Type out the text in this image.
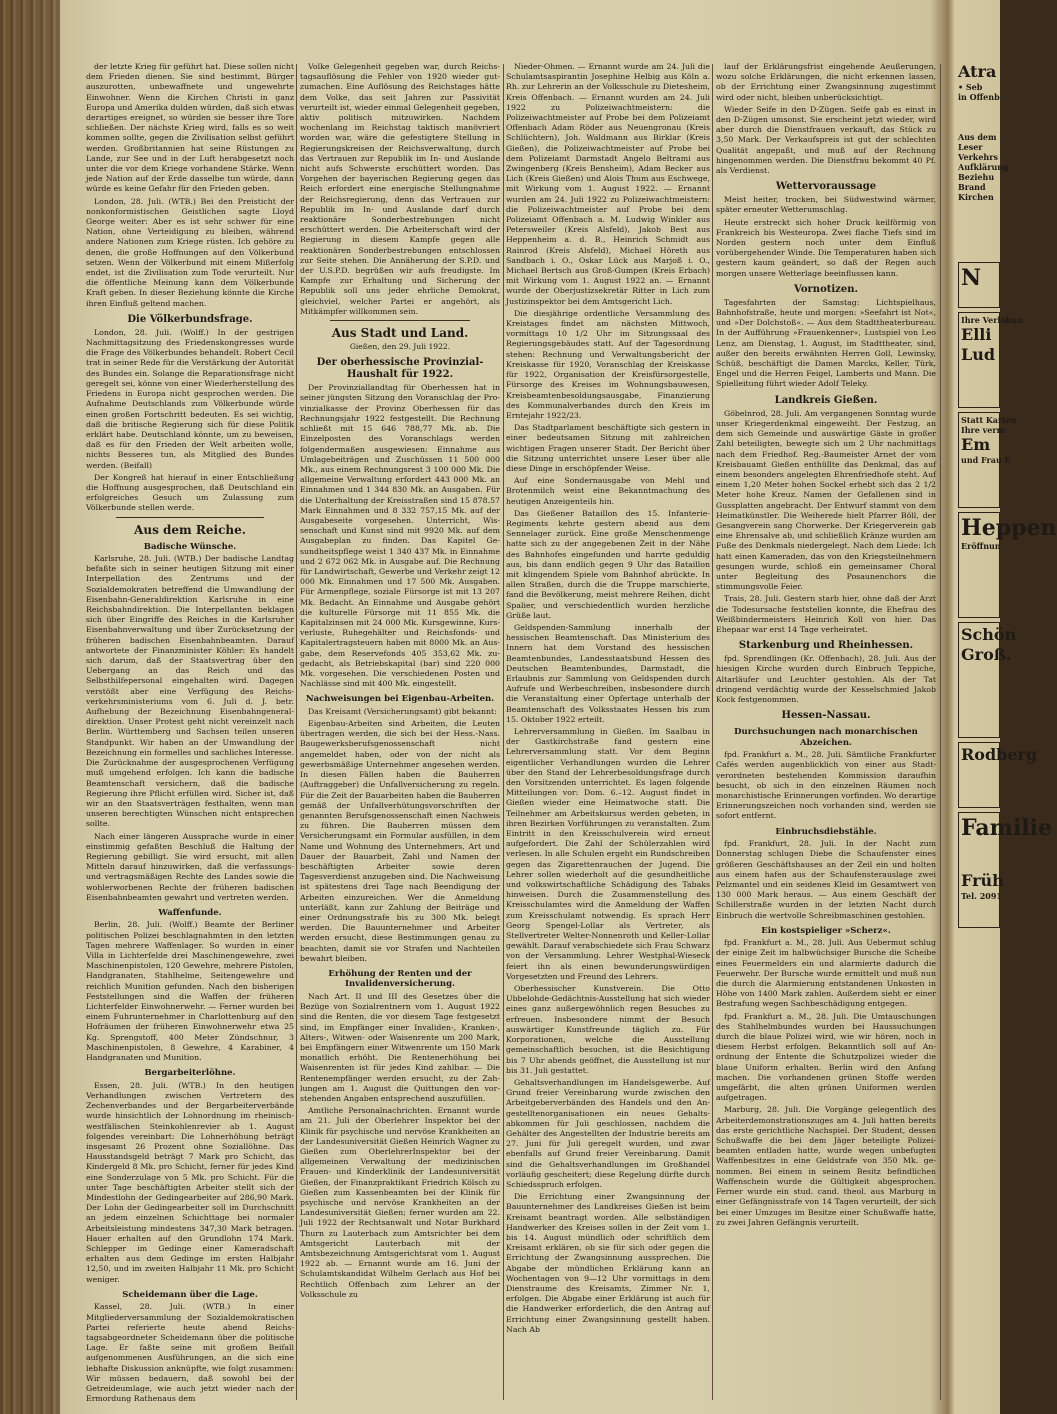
der letzte Krieg für geführt hat. Diese sollen nicht dem Frieden dienen. Sie sind bestimmt, Bürger auszurotten, unbewaffnete und ungewehrte Einwohner. Wenn die Kirchen Christi in ganz Europa und Amerika dulden würden, daß sich etwas derartiges ereignet, so würden sie besser ihre Tore schließen. Der nächste Krieg wird, falls es so weit kommen sollte, gegen die Zivilisation selbst geführt werden. Großbritannien hat seine Rüstungen zu Lande, zur See und in der Luft herabgesetzt noch unter die vor dem Kriege vorhandene Stärke. Wenn jede Nation auf der Erde dasselbe tun würde, dann würde es keine Gefahr für den Frieden geben.

London, 28. Juli. (WTB.) Bei den Preisticht der nonkonformistischen Geistlichen sagte Lloyd George weiter: Aber es ist sehr schwer für eine Nation, ohne Verteidigung zu bleiben, während andere Nationen zum Kriege rüsten. Ich gehöre zu denen, die große Hoffnungen auf den Völkerbund setzen. Wenn der Völkerbund mit einem Mißerfolg endet, ist die Zivilisation zum Tode verurteilt. Nur die öffentliche Meinung kann dem Völkerbunde Kraft geben. In dieser Beziehung könnte die Kirche ihren Einfluß geltend machen.

Die Völkerbundsfrage.

London, 28. Juli. (Wolff.) In der gestrigen Nachmittagsitzung des Friedenskongresses wurde die Frage des Völkerbundes behandelt. Robert Cecil trat in seiner Rede für die Verstärkung der Autorität des Bundes ein. Solange die Reparationsfrage nicht geregelt sei, könne von einer Wiederherstellung des Friedens in Europa nicht gesprochen werden. Die Aufnahme Deutschlands zum Völkerbunde würde einen großen Fortschritt bedeuten. Es sei wichtig, daß die britische Regierung sich für diese Politik erklärt habe. Deutschland könnte, um zu beweisen, daß es für den Frieden der Welt arbeiten wolle, nichts Besseres tun, als Mitglied des Bundes werden. (Beifall)

Der Kongreß hat hierauf in einer Entschließung die Hoffnung ausgesprochen, daß Deutschland ein erfolgreiches Gesuch um Zulassung zum Völkerbunde stellen werde.

Aus dem Reiche.
Badische Wünsche.

Karlsruhe, 28. Juli. (WTB.) Der badische Landtag befaßte sich in seiner heutigen Sitzung mit einer Interpellation des Zentrums und der Sozialdemokraten betreffend die Umwandlung der Eisenbahn-Generaldirektion Karlsruhe in eine Reichsbahndirektion. Die Interpellanten beklagen sich über Eingriffe des Reiches in die Karlsruher Eisenbahnverwaltung und über Zurücksetzung der früheren badischen Eisenbahnbeamten. Darauf antwortete der Finanzminister Köhler: Es handelt sich darum, daß der Staatsvertrag über den Uebergang an das Reich und das Selbsthilfepersonal eingehalten wird. Dagegen verstößt aber eine Verfügung des Reichsverkehrsministeriums vom 6. Juli d. J. betr. Aufhebung der Bezeichnung Eisenbahngeneraldirektion. Unser Protest geht nicht vereinzelt nach Berlin. Württemberg und Sachsen teilen unseren Standpunkt. Wir haben an der Umwandlung der Bezeichnung ein formelles und sachliches Interesse. Die Zurücknahme der ausgesprochenen Verfügung muß umgehend erfolgen. Ich kann die badische Beamtenschaft versichern, daß die badische Regierung ihre Pflicht erfüllen wird. Sicher ist, daß wir an den Staatsverträgen festhalten, wenn man unseren berechtigten Wünschen nicht entsprechen sollte.

Nach einer längeren Aussprache wurde in einer einstimmig gefaßten Beschluß die Haltung der Regierung gebilligt. Sie wird ersucht, mit allen Mitteln darauf hinzuwirken, daß die verfassungs- und vertragsmäßigen Rechte des Landes sowie die wohlerworbenen Rechte der früheren badischen Eisenbahnbeamten gewahrt und vertreten werden.

Waffenfunde.

Berlin, 28. Juli. (Wolff.) Beamte der Berliner politischen Polizei beschlagnahmten in den letzten Tagen mehrere Waffenlager. So wurden in einer Villa in Lichterfelde drei Maschinengewehre, zwei Maschinenpistolen, 120 Gewehre, mehrere Pistolen, Handgranaten, Stahlhelme, Seitengewehre und reichlich Munition gefunden. Nach den bisherigen Feststellungen sind die Waffen der früheren Lichterfelder Einwohnerwehr. — Ferner wurden bei einem Fuhrunternehmer in Charlottenburg auf den Hofräumen der früheren Einwohnerwehr etwa 25 Kg. Sprengstoff, 400 Meter Zündschnur, 3 Maschinenpistolen, 8 Gewehre, 4 Karabiner, 4 Handgranaten und Munition.

Bergarbeiterlöhne.

Essen, 28. Juli. (WTB.) In den heutigen Verhandlungen zwischen Vertretern des Zechenverbandes und der Bergarbeiterverbände wurde hinsichtlich der Lohnordnung im rheinisch-westfälischen Steinkohlenrevier ab 1. August folgendes vereinbart: Die Lohnerhöhung beträgt insgesamt 26 Prozent ohne Soziallöhne. Das Hausstandsgeld beträgt 7 Mark pro Schicht, das Kindergeld 8 Mk. pro Schicht, ferner für jedes Kind eine Sonderzulage von 5 Mk. pro Schicht. Für die unter Tage beschäftigten Arbeiter stellt sich der Mindestlohn der Gedingearbeiter auf 286,90 Mark. Der Lohn der Gedingearbeiter soll im Durchschnitt an jedem einzelnen Schichttage bei normaler Arbeitsleistung mindestens 347,30 Mark betragen. Hauer erhalten auf den Grundlohn 174 Mark. Schlepper im Gedinge einer Kameradschaft erhalten aus dem Gedinge im ersten Halbjahr 12,50, und im zweiten Halbjahr 11 Mk. pro Schicht weniger.

Scheidemann über die Lage.

Kassel, 28. Juli. (WTB.) In einer Mitgliederversammlung der Sozialdemokratischen Partei referierte heute abend Reichstagsabgeordneter Scheidemann über die politische Lage. Er faßte seine mit großem Beifall aufgenommenen Ausführungen, an die sich eine lebhafte Diskussion anknüpfte, wie folgt zusammen: Wir müssen bedauern, daß sowohl bei der Getreideumlage, wie auch jetzt wieder nach der Ermordung Rathenaus dem

Volke Gelegenheit gegeben war, durch Reichstagsauflösung die Fehler von 1920 wieder gutzumachen. Eine Auflösung des Reichstages hätte dem Volke, das seit Jahren zur Passivität verurteilt ist, wieder einmal Gelegenheit gegeben, aktiv politisch mitzuwirken. Nachdem wochenlang im Reichstag taktisch manövriert worden war, wäre die gefestigtere Stellung in Regierungskreisen der Reichsverwaltung, durch das Vertrauen zur Republik im In- und Auslande nicht aufs Schwerste erschüttert worden. Das Vorgehen der bayerischen Regierung gegen das Reich erfordert eine energische Stellungnahme der Reichsregierung, denn das Vertrauen zur Republik im In- und Auslande darf durch reaktionäre Sonderbestrebungen nicht erschüttert werden. Die Arbeiterschaft wird der Regierung in diesem Kampfe gegen alle reaktionären Sonderbestrebungen entschlossen zur Seite stehen. Die Annäherung der S.P.D. und der U.S.P.D. begrüßen wir aufs freudigste. Im Kampfe zur Erhaltung und Sicherung der Republik soll uns jeder ehrliche Demokrat, gleichviel, welcher Partei er angehört, als Mitkämpfer willkommen sein.

Aus Stadt und Land.

Gießen, den 29. Juli 1922.

Der oberhessische Provinzial-Haushalt für 1922.

Der Provinziallandtag für Oberhessen hat in seiner jüngsten Sitzung den Voranschlag der Provinzialkasse der Provinz Oberhessen für das Rechnungsjahr 1922 festgestellt. Die Rechnung schließt mit 15 646 788,77 Mk. ab. Die Einzelposten des Voranschlags werden folgendermaßen ausgewiesen: Einnahme aus Umlagebeiträgen und Zuschüssen 11 500 000 Mk., aus einem Rechnungsrest 3 100 000 Mk. Die allgemeine Verwaltung erfordert 443 000 Mk. an Einnahmen und 1 344 830 Mk. an Ausgaben. Für die Unterhaltung der Kreisstraßen sind 15 878.57 Mark Einnahmen und 8 332 757,15 Mk. auf der Ausgabeseite vorgesehen. Unterricht, Wissenschaft und Kunst sind mit 9920 Mk. auf dem Ausgabeplan zu finden. Das Kapitel Gesundheitspflege weist 1 340 437 Mk. in Einnahme und 2 672 062 Mk. in Ausgabe auf. Die Rechnung für Landwirtschaft, Gewerbe und Verkehr zeigt 12 000 Mk. Einnahmen und 17 500 Mk. Ausgaben. Für Armenpflege, soziale Fürsorge ist mit 13 207 Mk. Bedacht. An Einnahme und Ausgabe gehört die kulturelle Fürsorge mit 11 855 Mk. die Kapitalzinsen mit 24 000 Mk. Kursgewinne, Kursverluste, Ruhegehälter und Reichsfonds- und Kapitalertragsteuern haben mit 8000 Mk. an Ausgabe, dem Reservefonds 405 353,62 Mk. zugedacht, als Betriebskapital (bar) sind 220 000 Mk. vorgesehen. Die verschiedenen Posten und Nachlässe sind mit 400 Mk. eingestellt.

Nachweisungen bei Eigenbau-Arbeiten.

Das Kreisamt (Versicherungsamt) gibt bekannt:

Eigenbau-Arbeiten sind Arbeiten, die Leuten übertragen werden, die sich bei der Hess.-Nass. Baugewerksberufsgenossenschaft nicht angemeldet haben, oder von der nicht als gewerbsmäßige Unternehmer angesehen werden. In diesen Fällen haben die Bauherren (Auftraggeber) die Unfallversicherung zu regeln. Für die Zeit der Bauarbeiten haben die Bauherren gemäß der Unfallverhütungsvorschriften der genannten Berufsgenossenschaft einen Nachweis zu führen. Die Bauherren müssen dem Versicherungsamt ein Formular ausfüllen, in dem Name und Wohnung des Unternehmers, Art und Dauer der Bauarbeit, Zahl und Namen der beschäftigten Arbeiter sowie deren Tagesverdienst anzugeben sind. Die Nachweisung ist spätestens drei Tage nach Beendigung der Arbeiten einzureichen. Wer die Anmeldung unterläßt, kann zur Zahlung der Beiträge und einer Ordnungsstrafe bis zu 300 Mk. belegt werden. Die Bauunternehmer und Arbeiter werden ersucht, diese Bestimmungen genau zu beachten, damit sie vor Strafen und Nachteilen bewahrt bleiben.

Erhöhung der Renten und der Invalidenversicherung.

Nach Art. II und III des Gesetzes über die Bezüge von Sozialrentnern vom 1. August 1922 sind die Renten, die vor diesem Tage festgesetzt sind, im Empfänger einer Invaliden-, Kranken-, Alters-, Witwen- oder Waisenrente um 200 Mark, bei Empfängern einer Witwenrente um 150 Mark monatlich erhöht. Die Rentenerhöhung bei Waisenrenten ist für jedes Kind zahlbar. — Die Rentenempfänger werden ersucht, zu der Zahlungen am 1. August die Quittungen den vorstehenden Angaben entsprechend auszufüllen.

Amtliche Personalnachrichten. Ernannt wurde am 21. Juli der Oberlehrer Inspektor bei der Klinik für psychische und nervöse Krankheiten an der Landesuniversität Gießen Heinrich Wagner zu Gießen zum OberlehrerInspektor bei der allgemeinen Verwaltung der medizinischen Frauen- und Kinderklinik der Landesuniversität Gießen, der Finanzpraktikant Friedrich Kölsch zu Gießen zum Kassenbeamten bei der Klinik für psychische und nervöse Krankheiten an der Landesuniversität Gießen; ferner wurden am 22. Juli 1922 der Rechtsanwalt und Notar Burkhard Thurn zu Lauterbach zum Amtsrichter bei dem Amtsgericht Lauterbach mit der Amtsbezeichnung Amtsgerichtsrat vom 1. August 1922 ab. — Ernannt wurde am 16. Juni der Schulamtskandidat Wilhelm Gerlach aus Hof bei Rechtlich Offenbach zum Lehrer an der Volksschule zu

Nieder-Ohmen. — Ernannt wurde am 24. Juli die Schulamtsaspirantin Josephine Helbig aus Köln a. Rh. zur Lehrerin an der Volksschule zu Dietesheim, Kreis Offenbach. — Ernannt wurden am 24. Juli 1922 zu Polizeiwachtmeistern: die Polizeiwachtmeister auf Probe bei dem Polizeiamt Offenbach Adam Röder aus Neuengronau (Kreis Schlüchtern), Joh. Waldmann aus Birklar (Kreis Gießen), die Polizeiwachtmeister auf Probe bei dem Polizeiamt Darmstadt Angelo Beltrami aus Zwingenberg (Kreis Bensheim), Adam Becker aus Lich (Kreis Gießen) und Alois Thum aus Eschwege, mit Wirkung vom 1. August 1922. — Ernannt wurden am 24. Juli 1922 zu Polizeiwachtmeistern: die Polizeiwachtmeister auf Probe bei dem Polizeiamt Offenbach a. M. Ludwig Winkler aus Petersweiler (Kreis Alsfeld), Jakob Best aus Heppenheim a. d. B., Heinrich Schmidt aus Rainrod (Kreis Alsfeld), Michael Höreth aus Sandbach i. O., Oskar Lück aus Marjoß i. O., Michael Bertsch aus Groß-Gumpen (Kreis Erbach) mit Wirkung vom 1. August 1922 an. — Ernannt wurde der Oberjustizsekretär Ritter in Lich zum Justizinspektor bei dem Amtsgericht Lich.

Die diesjährige ordentliche Versammlung des Kreistages findet am nächsten Mittwoch, vormittags 10 1/2 Uhr im Sitzungssaal des Regierungsgebäudes statt. Auf der Tagesordnung stehen: Rechnung und Verwaltungsbericht der Kreiskasse für 1920, Voranschlag der Kreiskasse für 1922, Organisation der Kreisfürsorgestelle, Fürsorge des Kreises im Wohnungsbauwesen, Kreisbeamtenbesoldungsausgabe, Finanzierung des Kommunalverbandes durch den Kreis im Erntejahr 1922/23.

Das Stadtparlament beschäftigte sich gestern in einer bedeutsamen Sitzung mit zahlreichen wichtigen Fragen unserer Stadt. Der Bericht über die Sitzung unterrichtet unsere Leser über alle diese Dinge in erschöpfender Weise.

Auf eine Sondernausgabe von Mehl und Brotenmilch weist eine Bekanntmachung des heutigen Anzeigenteils hin.

Das Gießener Bataillon des 15. Infanterie-Regiments kehrte gestern abend aus dem Sennelager zurück. Eine große Menschenmenge hatte sich zu der angegebenen Zeit in der Nähe des Bahnhofes eingefunden und harrte geduldig aus, bis dann endlich gegen 9 Uhr das Bataillon mit klingendem Spiele vom Bahnhof abrückte. In allen Straßen, durch die die Truppe marschierte, fand die Bevölkerung, meist mehrere Reihen, dicht Spalier, und verschiedentlich wurden herzliche Grüße laut.

Geldspenden-Sammlung innerhalb der hessischen Beamtenschaft. Das Ministerium des Innern hat dem Vorstand des hessischen Beamtenbundes, Landesstaatsbund Hessen des Deutschen Beamtenbundes, Darmstadt, die Erlaubnis zur Sammlung von Geldspenden durch Aufrufe und Werbeschreiben, insbesondere durch die Veranstaltung einer Opfertage unterhalb der Beamtenschaft des Volksstaates Hessen bis zum 15. Oktober 1922 erteilt.

Lehrerversammlung in Gießen. Im Saalbau in der Gastkirchstraße fand gestern eine Lehrerversammlung statt. Vor dem Beginn eigentlicher Verhandlungen wurden die Lehrer über den Stand der Lehrerbesoldungsfrage durch den Vorsitzenden unterrichtet. Es lagen folgende Mitteilungen vor: Dom. 6.–12. August findet in Gießen wieder eine Heimatwoche statt. Die Teilnehmer am Arbeitskursus werden gebeten, in ihren Bezirken Vorführungen zu veranstalten. Zum Eintritt in den Kreisschulverein wird erneut aufgefordert. Die Zahl der Schülerzahlen wird verlesen. In alle Schulen ergeht ein Rundschreiben gegen das Zigarettenrauchen der Jugend. Die Lehrer sollen wiederholt auf die gesundheitliche und volkswirtschaftliche Schädigung des Tabaks hinweisen. Durch die Zusammenstellung des Kreisschulamtes wird die Anmeldung der Waffen zum Kreisschulamt notwendig. Es sprach Herr Georg Spengel-Lollar als Vertreter, als Stellvertreter Welter-Nonnenroth und Keller-Lollar gewählt. Darauf verabschiedete sich Frau Schwarz von der Versammlung. Lehrer Westphal-Wieseck feiert ihn als einen bewunderungswürdigen Vorgesetzten und Freund des Lehrers.

Oberhessischer Kunstverein. Die Otto Ubbelohde-Gedächtnis-Ausstellung hat sich wieder eines ganz außergewöhnlich regen Besuches zu erfreuen. Insbesondere nimmt der Besuch auswärtiger Kunstfreunde täglich zu. Für Korporationen, welche die Ausstellung gemeinschaftlich besuchen, ist die Besichtigung bis 7 Uhr abends geöffnet, die Ausstellung ist nur bis 31. Juli gestattet.

Gehaltsverhandlungen im Handelsgewerbe. Auf Grund freier Vereinbarung wurde zwischen den Arbeitgeberverbänden des Handels und den Angestelltenorganisationen ein neues Gehaltsabkommen für Juli geschlossen, nachdem die Gehälter des Angestellten der Industrie bereits am 27. Juni für Juli geregelt wurden, und zwar ebenfalls auf Grund freier Vereinbarung. Damit sind die Gehaltsverhandlungen im Großhandel vorläufig gescheitert; diese Regelung dürfte durch Schiedsspruch erfolgen.

Die Errichtung einer Zwangsinnung der Bauunternehmer des Landkreises Gießen ist beim Kreisamt beantragt worden. Alle selbständigen Handwerker des Kreises sollen in der Zeit vom 1. bis 14. August mündlich oder schriftlich dem Kreisamt erklären, ob sie für sich oder gegen die Errichtung der Zwangsinnung aussprechen. Die Abgabe der mündlichen Erklärung kann an Wochentagen von 9—12 Uhr vormittags in dem Dienstraume des Kreisamts, Zimmer Nr. 1, erfolgen. Die Abgabe einer Erklärung ist auch für die Handwerker erforderlich, die den Antrag auf Errichtung einer Zwangsinnung gestellt haben. Nach Ab

lauf der Erklärungsfrist eingehende Aeußerungen, wozu solche Erklärungen, die nicht erkennen lassen, ob der Errichtung einer Zwangsinnung zugestimmt wird oder nicht, bleiben unberücksichtigt.

Wieder Seife in den D-Zügen. Seife gab es einst in den D-Zügen umsonst. Sie erscheint jetzt wieder, wird aber durch die Dienstfrauen verkauft, das Stück zu 3,50 Mark. Der Verkaufspreis ist gut der schlechten Qualität angepaßt, und muß auf der Rechnung hingenommen werden. Die Dienstfrau bekommt 40 Pf. als Verdienst.

Wettervoraussage

Meist heiter, trocken, bei Südwestwind wärmer, später erneuter Wetterumschlag.

Heute erstreckt sich hoher Druck keilförmig von Frankreich bis Westeuropa. Zwei flache Tiefs sind im Norden gestern noch unter dem Einfluß vorübergehender Winde. Die Temperaturen haben sich gestern kaum geändert, so daß der Regen auch morgen unsere Wetterlage beeinflussen kann.

Vornotizen.

Tagesfahrten der Samstag: Lichtspielhaus, Bahnhofstraße, heute und morgen: »Seefahrt ist Not«, und »Der Dolchstoß«. — Aus dem Stadttheaterbureau. In der Aufführung »Frauenkenner«, Lustspiel von Leo Lenz, am Dienstag, 1. August, im Stadttheater, sind, außer den bereits erwähnten Herren Goll, Lewinsky, Schüß, beschäftigt die Damen Marcks, Keller, Türk, Engel und die Herren Feigel, Lamberts und Mann. Die Spielleitung führt wieder Adolf Teleky.

Landkreis Gießen.

Göbelnrod, 28. Juli. Am vergangenen Sonntag wurde unser Kriegerdenkmal eingeweiht. Der Festzug, an dem sich Gemeinde und auswärtige Gäste in großer Zahl beteiligten, bewegte sich um 2 Uhr nachmittags nach dem Friedhof. Reg.-Baumeister Arnet der vom Kreisbauamt Gießen enthüllte das Denkmal, das auf einem besonders angelegten Ehrenfriedhofe steht. Auf einem 1,20 Meter hohen Sockel erhebt sich das 2 1/2 Meter hohe Kreuz. Namen der Gefallenen sind in Gussplatten angebracht. Der Entwurf stammt von dem Heimatkünstler. Die Weiherede hielt Pfarrer Böll, der Gesangverein sang Chorwerke. Der Kriegerverein gab eine Ehrensalve ab, und schließlich Kränze wurden am Fuße des Denkmals niedergelegt. Nach dem Liede: Ich hatt einen Kameraden, das von den Kriegsteilnehmern gesungen wurde, schloß ein gemeinsamer Choral unter Begleitung des Posaunenchors die stimmungsvolle Feier.

Trais, 28. Juli. Gestern starb hier, ohne daß der Arzt die Todesursache feststellen konnte, die Ehefrau des Weißbindermeisters Heinrich Koll von hier. Das Ehepaar war erst 14 Tage verheiratet.

Starkenburg und Rheinhessen.

fpd. Sprendlingen (Kr. Offenbach), 28. Juli. Aus der hiesigen Kirche wurden durch Einbruch Teppiche, Altarläufer und Leuchter gestohlen. Als der Tat dringend verdächtig wurde der Kesselschmied Jakob Kock festgenommen.

Hessen-Nassau.
Durchsuchungen nach monarchischen Abzeichen.

fpd. Frankfurt a. M., 28. Juli. Sämtliche Frankfurter Cafés werden augenblicklich von einer aus Stadtverordneten bestehenden Kommission daraufhin besucht, ob sich in den einzelnen Räumen noch monarchistische Erinnerungen vorfinden. Wo derartige Erinnerungszeichen noch vorhanden sind, werden sie sofort entfernt.

Einbruchsdiebstähle.

fpd. Frankfurt, 28. Juli. In der Nacht zum Donnerstag schlugen Diebe die Schaufenster eines größeren Geschäftshauses an der Zeil ein und holten aus einem hafen aus der Schaufensterauslage zwei Pelzmantel und ein seidenes Kleid im Gesamtwert von 130 000 Mark heraus. — Aus einem Geschäft der Schillerstraße wurden in der letzten Nacht durch Einbruch die wertvolle Schreibmaschinen gestohlen.

Ein kostspieliger »Scherz«.

fpd. Frankfurt a. M., 28. Juli. Aus Uebermut schlug der einige Zeit im halbwüchsiger Bursche die Scheibe eines Feuermelders ein und alarmierte dadurch die Feuerwehr. Der Bursche wurde ermittelt und muß nun die durch die Alarmierung entstandenen Unkosten in Höhe von 1400 Mark zahlen. Außerdem sieht er einer Bestrafung wegen Sachbeschädigung entgegen.

fpd. Frankfurt a. M., 28. Juli. Die Umtauschungen des Stahlhelmbundes wurden bei Haussuchungen durch die blaue Polizei wird, wie wir hören, noch in diesem Herbst erfolgen. Bekanntlich soll auf Anordnung der Entente die Schutzpolizei wieder die blaue Uniform erhalten. Berlin wird den Anfang machen. Die vorhandenen grünen Stoffe werden umgefärbt, die alten grünen Uniformen werden aufgetragen.

Marburg, 28. Juli. Die Vorgänge gelegentlich des Arbeiterdemonstrationszuges am 4. Juli hatten bereits das erste gerichtliche Nachspiel. Der Student, dessen Schußwaffe die bei dem Jäger beteiligte Polizeibeamten entladen hatte, wurde wegen unbefugten Waffenbesitzes in eine Geldstrafe von 350 Mk. genommen. Bei einem in seinem Besitz befindlichen Waffenschein wurde die Gültigkeit abgesprochen. Ferner wurde ein stud. cand. theol. aus Marburg in einer Gefängnisstrafe von 14 Tagen verurteilt, der sich bei einer Umzuges im Besitze einer Schußwaffe hatte, zu zwei Jahren Gefängnis verurteilt.

Atra
• Seb
in Offenb
Aus dem
Leser
Verkehrs
Aufklärung
Beziehu
Brand
Kirchen
N
Ihre Verlobun
Elli
Lud
Statt Karten
Ihre verm
Em
und Frau E
Heppen
Eröffnun
Schön
Groß.
Rodberg
Familie
Früh
Tel. 2091
